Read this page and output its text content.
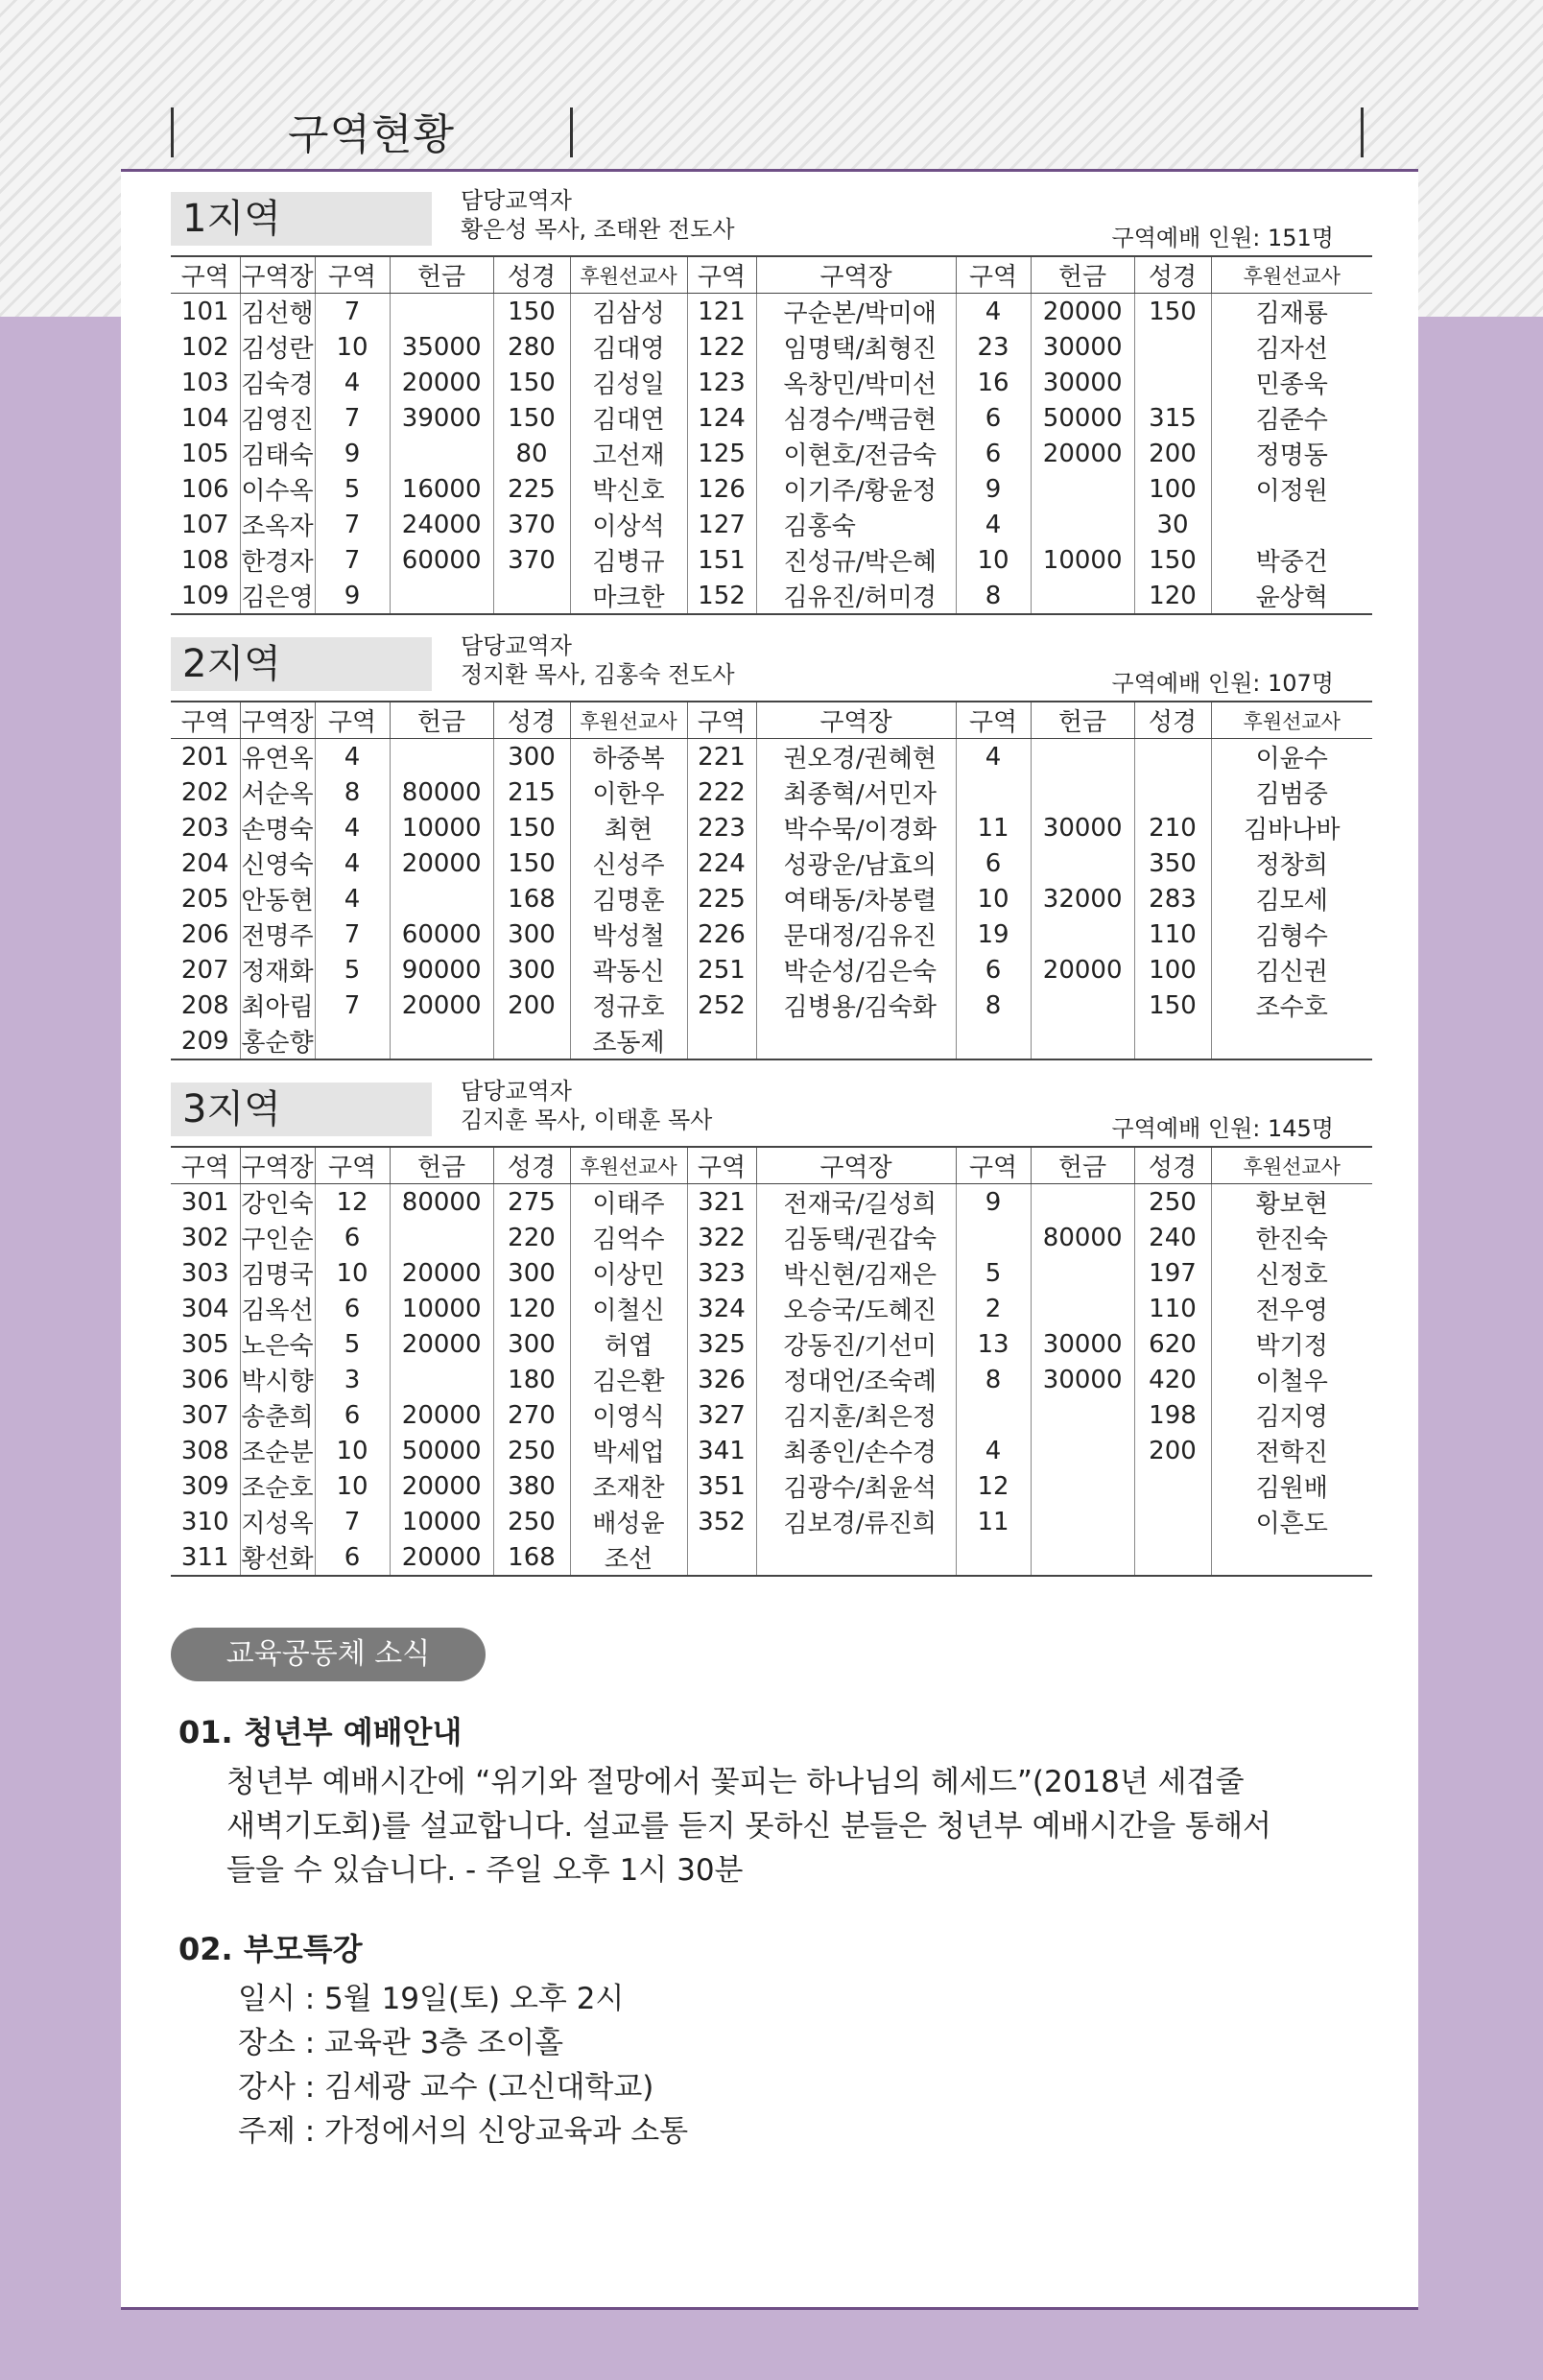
구역현황
1지역	담당교역자
황은성 목사, 조태완 전도사	구역예배 인원: 151명
구역	구역장	구역	헌금	성경	후원선교사	구역	구역장	구역	헌금	성경	후원선교사
101	김선행	7		150	김삼성	121	구순본/박미애	4	20000	150	김재룡
102	김성란	10	35000	280	김대영	122	임명택/최형진	23	30000		김자선
103	김숙경	4	20000	150	김성일	123	옥창민/박미선	16	30000		민종욱
104	김영진	7	39000	150	김대연	124	심경수/백금현	6	50000	315	김준수
105	김태숙	9		80	고선재	125	이현호/전금숙	6	20000	200	정명동
106	이수옥	5	16000	225	박신호	126	이기주/황윤정	9		100	이정원
107	조옥자	7	24000	370	이상석	127	김홍숙	4		30	
108	한경자	7	60000	370	김병규	151	진성규/박은혜	10	10000	150	박중건
109	김은영	9			마크한	152	김유진/허미경	8		120	윤상혁
2지역	담당교역자
정지환 목사, 김홍숙 전도사	구역예배 인원: 107명
구역	구역장	구역	헌금	성경	후원선교사	구역	구역장	구역	헌금	성경	후원선교사
201	유연옥	4		300	하중복	221	권오경/권혜현	4			이윤수
202	서순옥	8	80000	215	이한우	222	최종혁/서민자				김범중
203	손명숙	4	10000	150	최현	223	박수묵/이경화	11	30000	210	김바나바
204	신영숙	4	20000	150	신성주	224	성광운/남효의	6		350	정창희
205	안동현	4		168	김명훈	225	여태동/차봉렬	10	32000	283	김모세
206	전명주	7	60000	300	박성철	226	문대정/김유진	19		110	김형수
207	정재화	5	90000	300	곽동신	251	박순성/김은숙	6	20000	100	김신권
208	최아림	7	20000	200	정규호	252	김병용/김숙화	8		150	조수호
209	홍순향				조동제						
3지역	담당교역자
김지훈 목사, 이태훈 목사	구역예배 인원: 145명
구역	구역장	구역	헌금	성경	후원선교사	구역	구역장	구역	헌금	성경	후원선교사
301	강인숙	12	80000	275	이태주	321	전재국/길성희	9		250	황보현
302	구인순	6		220	김억수	322	김동택/권갑숙		80000	240	한진숙
303	김명국	10	20000	300	이상민	323	박신현/김재은	5		197	신정호
304	김옥선	6	10000	120	이철신	324	오승국/도혜진	2		110	전우영
305	노은숙	5	20000	300	허엽	325	강동진/기선미	13	30000	620	박기정
306	박시향	3		180	김은환	326	정대언/조숙례	8	30000	420	이철우
307	송춘희	6	20000	270	이영식	327	김지훈/최은정			198	김지영
308	조순분	10	50000	250	박세업	341	최종인/손수경	4		200	전학진
309	조순호	10	20000	380	조재찬	351	김광수/최윤석	12			김원배
310	지성옥	7	10000	250	배성윤	352	김보경/류진희	11			이흔도
311	황선화	6	20000	168	조선						
교육공동체 소식
01. 청년부 예배안내
청년부 예배시간에 “위기와 절망에서 꽃피는 하나님의 헤세드”(2018년 세겹줄
새벽기도회)를 설교합니다. 설교를 듣지 못하신 분들은 청년부 예배시간을 통해서
들을 수 있습니다. - 주일 오후 1시 30분
02. 부모특강
일시 : 5월 19일(토) 오후 2시
장소 : 교육관 3층 조이홀
강사 : 김세광 교수 (고신대학교)
주제 : 가정에서의 신앙교육과 소통
